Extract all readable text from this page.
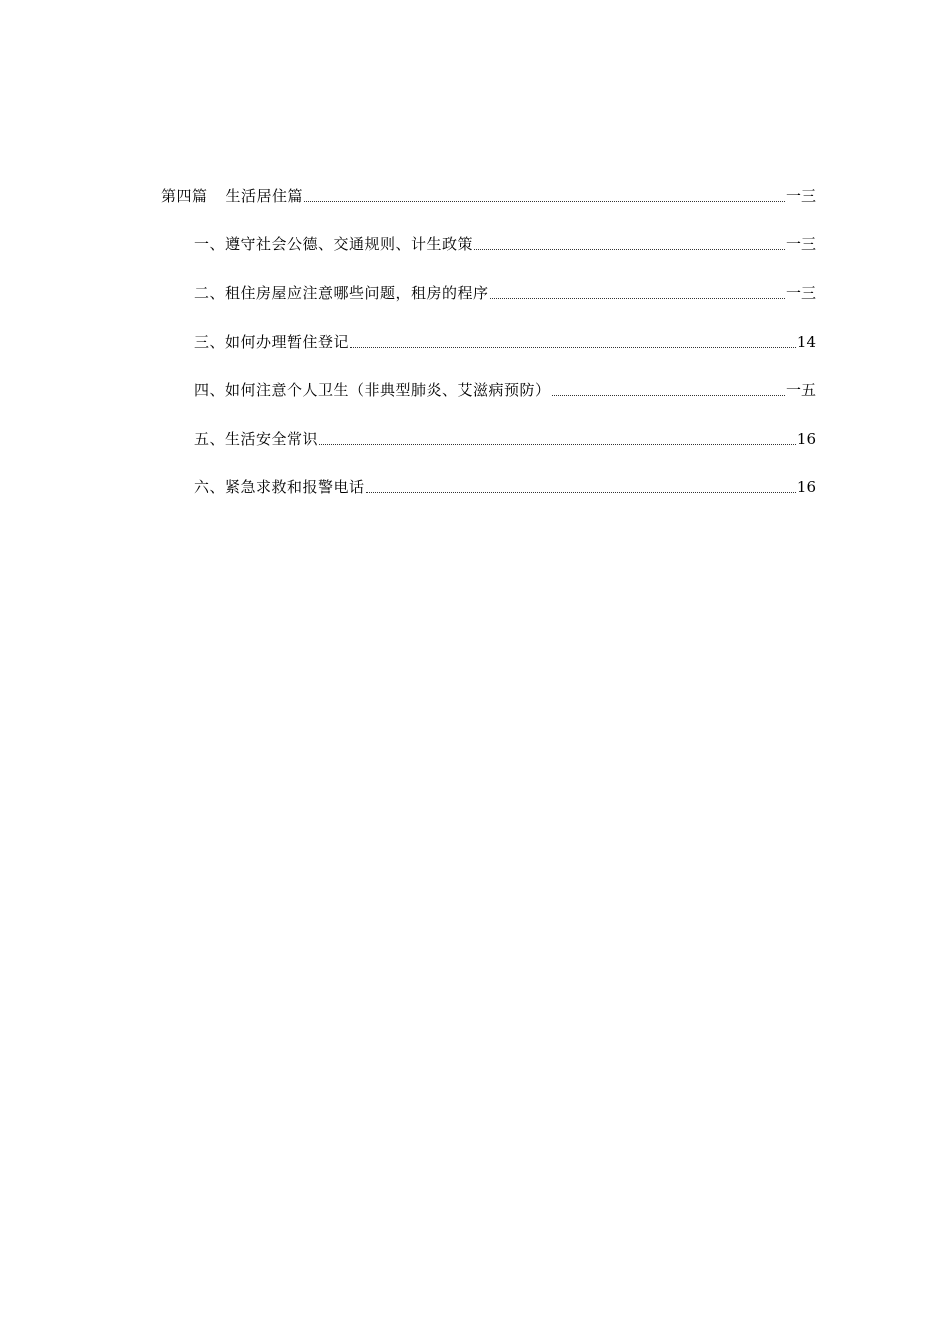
第四篇 生活居住篇	一三
一、遵守社会公德、交通规则、计生政策	一三
二、租住房屋应注意哪些问题，租房的程序	一三
三、如何办理暂住登记	14
四、如何注意个人卫生（非典型肺炎、艾滋病预防）	一五
五、生活安全常识	16
六、紧急求救和报警电话	16
